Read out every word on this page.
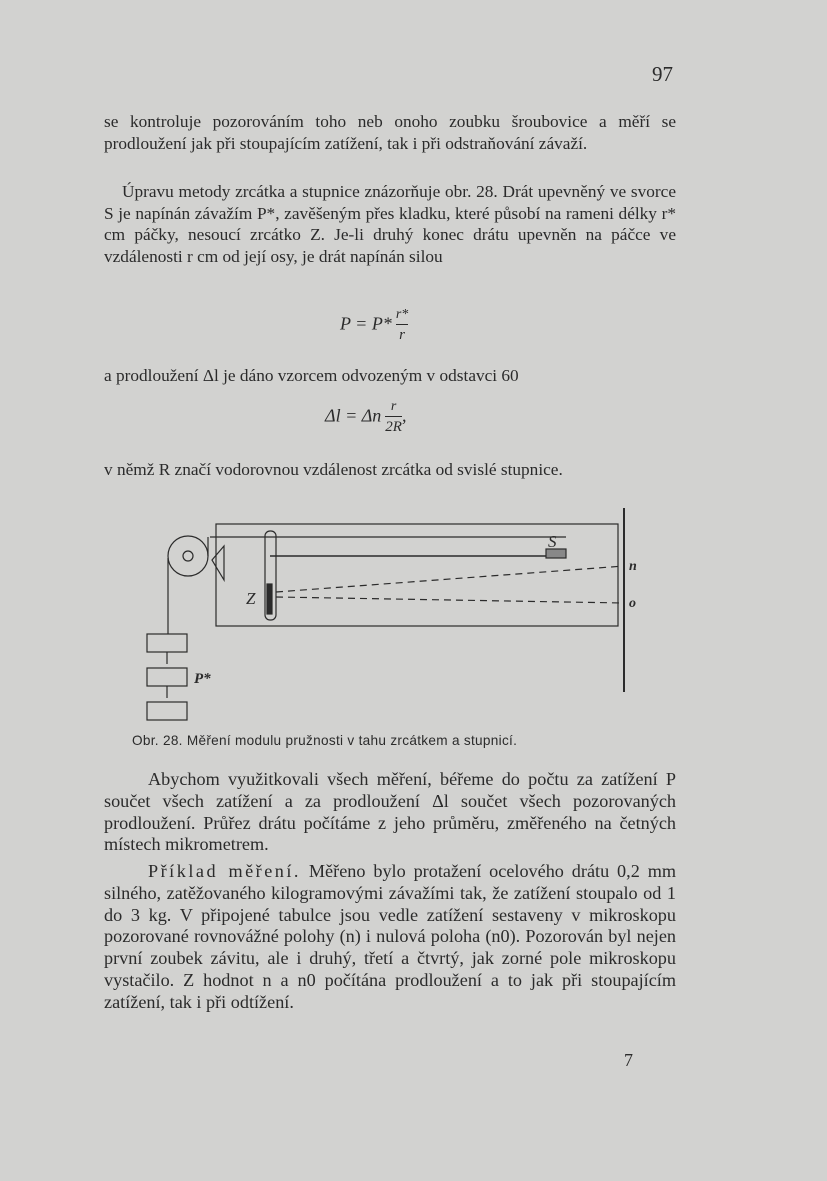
97

se kontroluje pozorováním toho neb onoho zoubku šroubovice a měří se prodloužení jak při stoupajícím zatížení, tak i při odstraňování závaží.

Úpravu metody zrcátka a stupnice znázorňuje obr. 28. Drát upevněný ve svorce S je napínán závažím P*, zavěšeným přes kladku, které působí na rameni délky r* cm páčky, nesoucí zrcátko Z. Je-li druhý konec drátu upevněn na páčce ve vzdálenosti r cm od její osy, je drát napínán silou

$P = P* \frac{r*}{r}$

a prodloužení Δl je dáno vzorcem odvozeným v odstavci 60

Δl = Δn $\frac{r}{2R}$ ,

v němž R značí vodorovnou vzdálenost zrcátka od svislé stupnice.

S
Z
n
o
P*
Obr. 28. Měření modulu pružnosti v tahu zrcátkem a stupnicí.

Abychom využitkovali všech měření, béřeme do počtu za zatížení P součet všech zatížení a za prodloužení Δl součet všech pozorovaných prodloužení. Průřez drátu počítáme z jeho průměru, změřeného na četných místech mikrometrem.

Příklad měření. Měřeno bylo protažení ocelového drátu 0,2 mm silného, zatěžovaného kilogramovými závažími tak, že zatížení stoupalo od 1 do 3 kg. V připojené tabulce jsou vedle zatížení sestaveny v mikroskopu pozorované rovnovážné polohy (n) i nulová poloha (n0). Pozorován byl nejen první zoubek závitu, ale i druhý, třetí a čtvrtý, jak zorné pole mikroskopu vystačilo. Z hodnot n a n0 počítána prodloužení a to jak při stoupajícím zatížení, tak i při odtížení.

7
